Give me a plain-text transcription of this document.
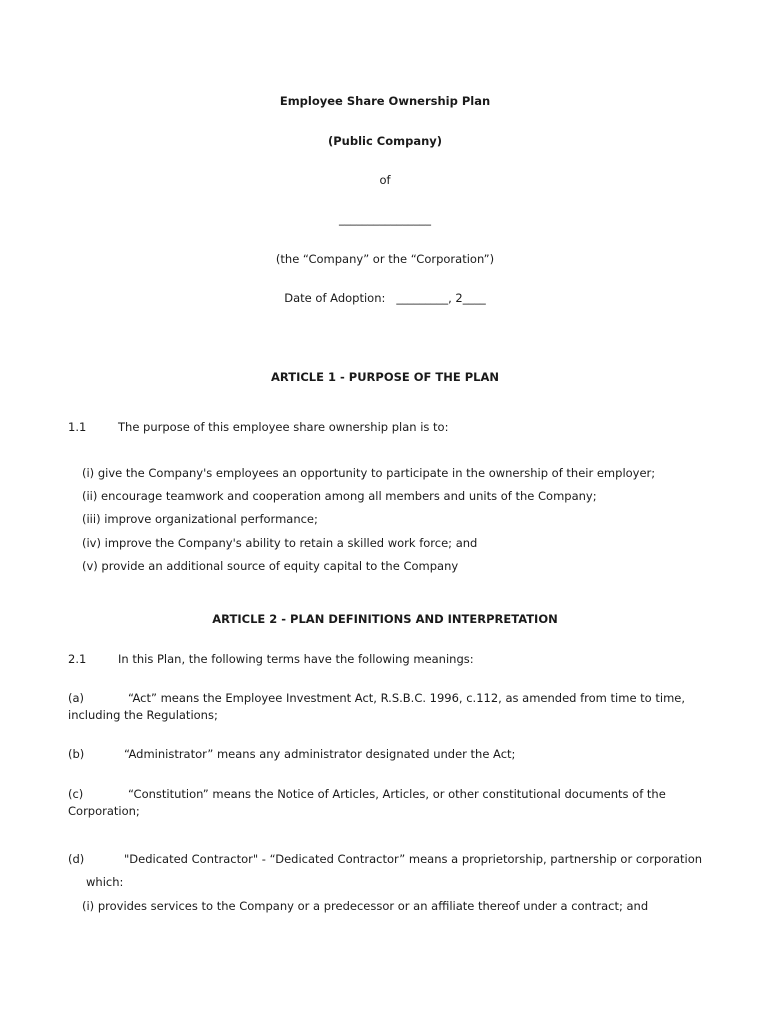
Employee Share Ownership Plan
(Public Company)
of
________________
(the “Company” or the “Corporation”)
Date of Adoption: _________, 2____
ARTICLE 1 - PURPOSE OF THE PLAN
1.1	The purpose of this employee share ownership plan is to:
(i) give the Company's employees an opportunity to participate in the ownership of their employer;
(ii) encourage teamwork and cooperation among all members and units of the Company;
(iii) improve organizational performance;
(iv) improve the Company's ability to retain a skilled work force; and
(v) provide an additional source of equity capital to the Company
ARTICLE 2 - PLAN DEFINITIONS AND INTERPRETATION
2.1	In this Plan, the following terms have the following meanings:
(a)	“Act” means the Employee Investment Act, R.S.B.C. 1996, c.112, as amended from time to time,
including the Regulations;
(b)	“Administrator” means any administrator designated under the Act;
(c)	“Constitution” means the Notice of Articles, Articles, or other constitutional documents of the
Corporation;
(d)	"Dedicated Contractor" - “Dedicated Contractor” means a proprietorship, partnership or corporation
which:
(i) provides services to the Company or a predecessor or an affiliate thereof under a contract; and
